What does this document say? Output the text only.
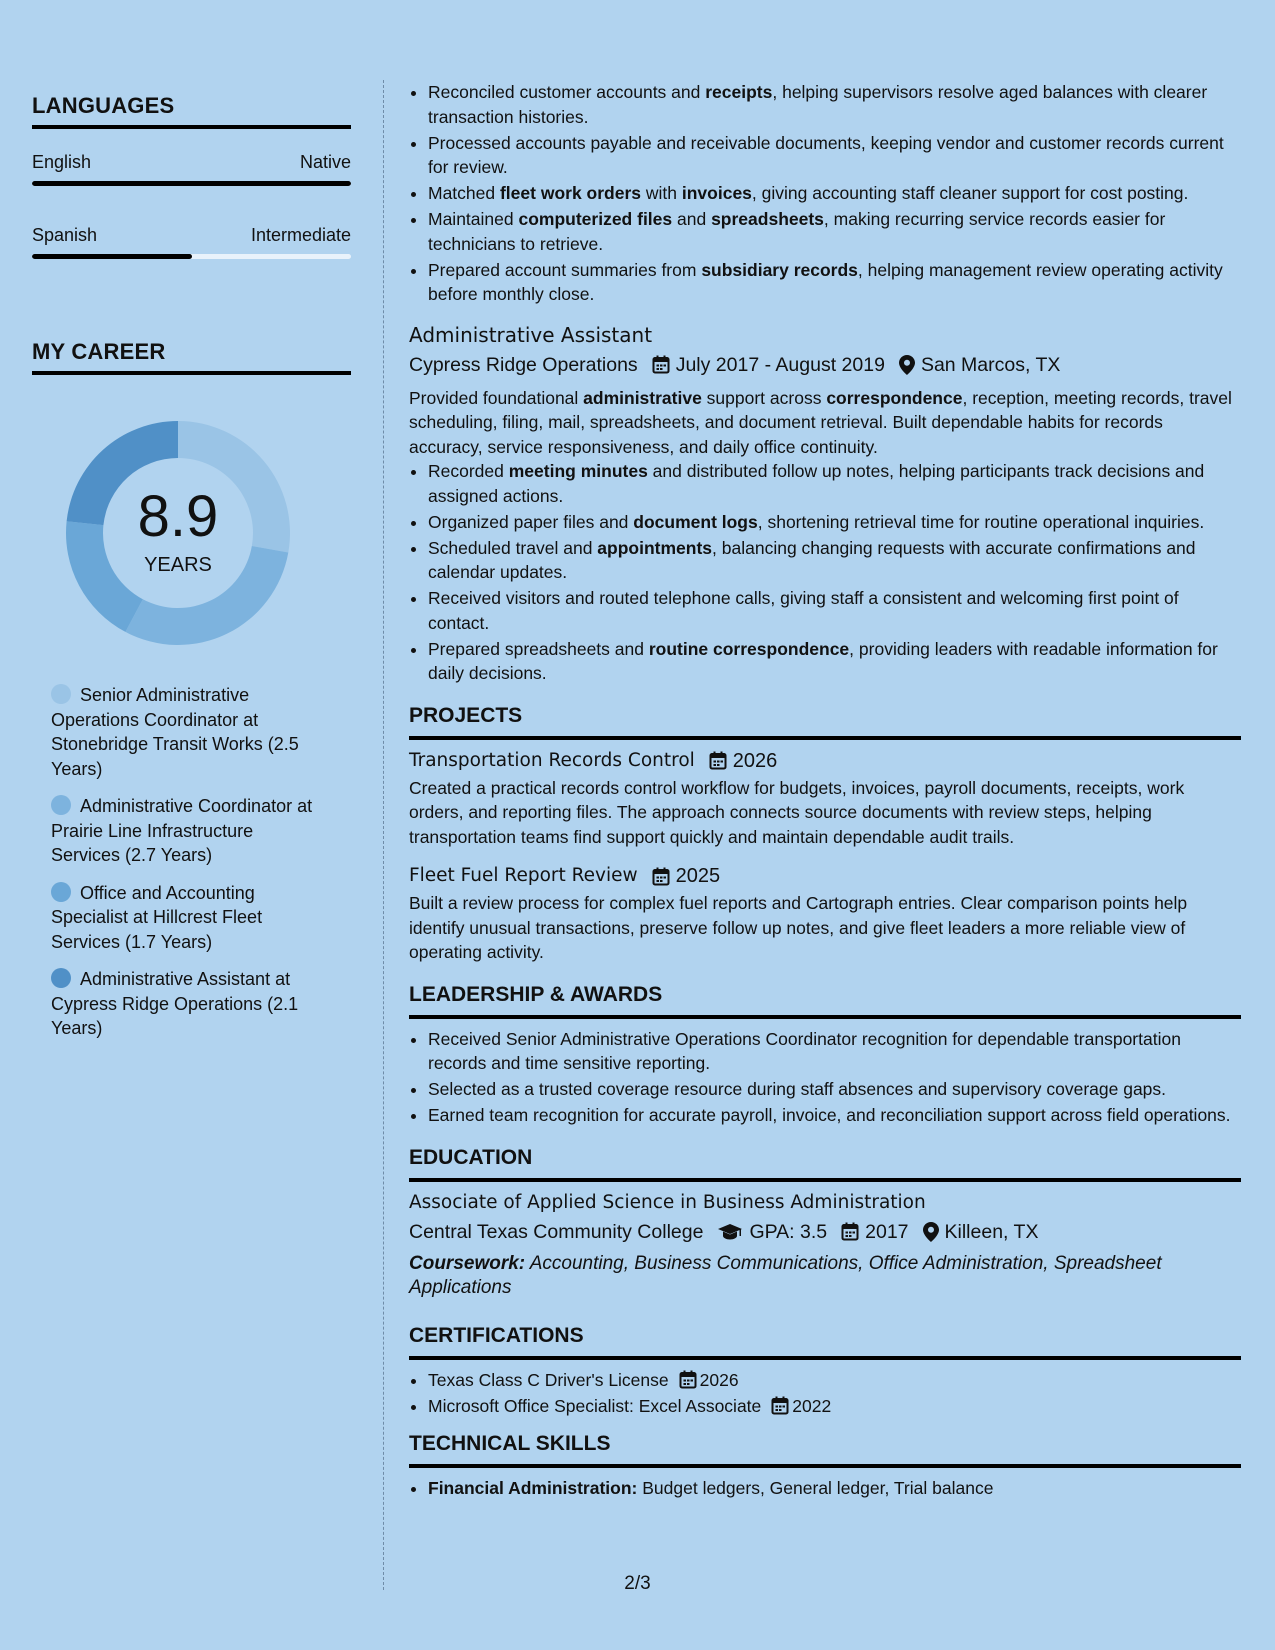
LANGUAGES
English	Native
Spanish	Intermediate
MY CAREER
8.9
YEARS
Senior Administrative Operations Coordinator at Stonebridge Transit Works (2.5 Years)
Administrative Coordinator at Prairie Line Infrastructure Services (2.7 Years)
Office and Accounting Specialist at Hillcrest Fleet Services (1.7 Years)
Administrative Assistant at Cypress Ridge Operations (2.1 Years)
• Reconciled customer accounts and receipts, helping supervisors resolve aged balances with clearer transaction histories.
• Processed accounts payable and receivable documents, keeping vendor and customer records current for review.
• Matched fleet work orders with invoices, giving accounting staff cleaner support for cost posting.
• Maintained computerized files and spreadsheets, making recurring service records easier for technicians to retrieve.
• Prepared account summaries from subsidiary records, helping management review operating activity before monthly close.
Administrative Assistant
Cypress Ridge Operations July 2017 - August 2019 San Marcos, TX
Provided foundational administrative support across correspondence, reception, meeting records, travel scheduling, filing, mail, spreadsheets, and document retrieval. Built dependable habits for records accuracy, service responsiveness, and daily office continuity.
• Recorded meeting minutes and distributed follow up notes, helping participants track decisions and assigned actions.
• Organized paper files and document logs, shortening retrieval time for routine operational inquiries.
• Scheduled travel and appointments, balancing changing requests with accurate confirmations and calendar updates.
• Received visitors and routed telephone calls, giving staff a consistent and welcoming first point of contact.
• Prepared spreadsheets and routine correspondence, providing leaders with readable information for daily decisions.
PROJECTS
Transportation Records Control 2026
Created a practical records control workflow for budgets, invoices, payroll documents, receipts, work orders, and reporting files. The approach connects source documents with review steps, helping transportation teams find support quickly and maintain dependable audit trails.
Fleet Fuel Report Review 2025
Built a review process for complex fuel reports and Cartograph entries. Clear comparison points help identify unusual transactions, preserve follow up notes, and give fleet leaders a more reliable view of operating activity.
LEADERSHIP & AWARDS
• Received Senior Administrative Operations Coordinator recognition for dependable transportation records and time sensitive reporting.
• Selected as a trusted coverage resource during staff absences and supervisory coverage gaps.
• Earned team recognition for accurate payroll, invoice, and reconciliation support across field operations.
EDUCATION
Associate of Applied Science in Business Administration
Central Texas Community College GPA: 3.5 2017 Killeen, TX
Coursework: Accounting, Business Communications, Office Administration, Spreadsheet Applications
CERTIFICATIONS
• Texas Class C Driver's License 2026
• Microsoft Office Specialist: Excel Associate 2022
TECHNICAL SKILLS
• Financial Administration: Budget ledgers, General ledger, Trial balance
2/3
